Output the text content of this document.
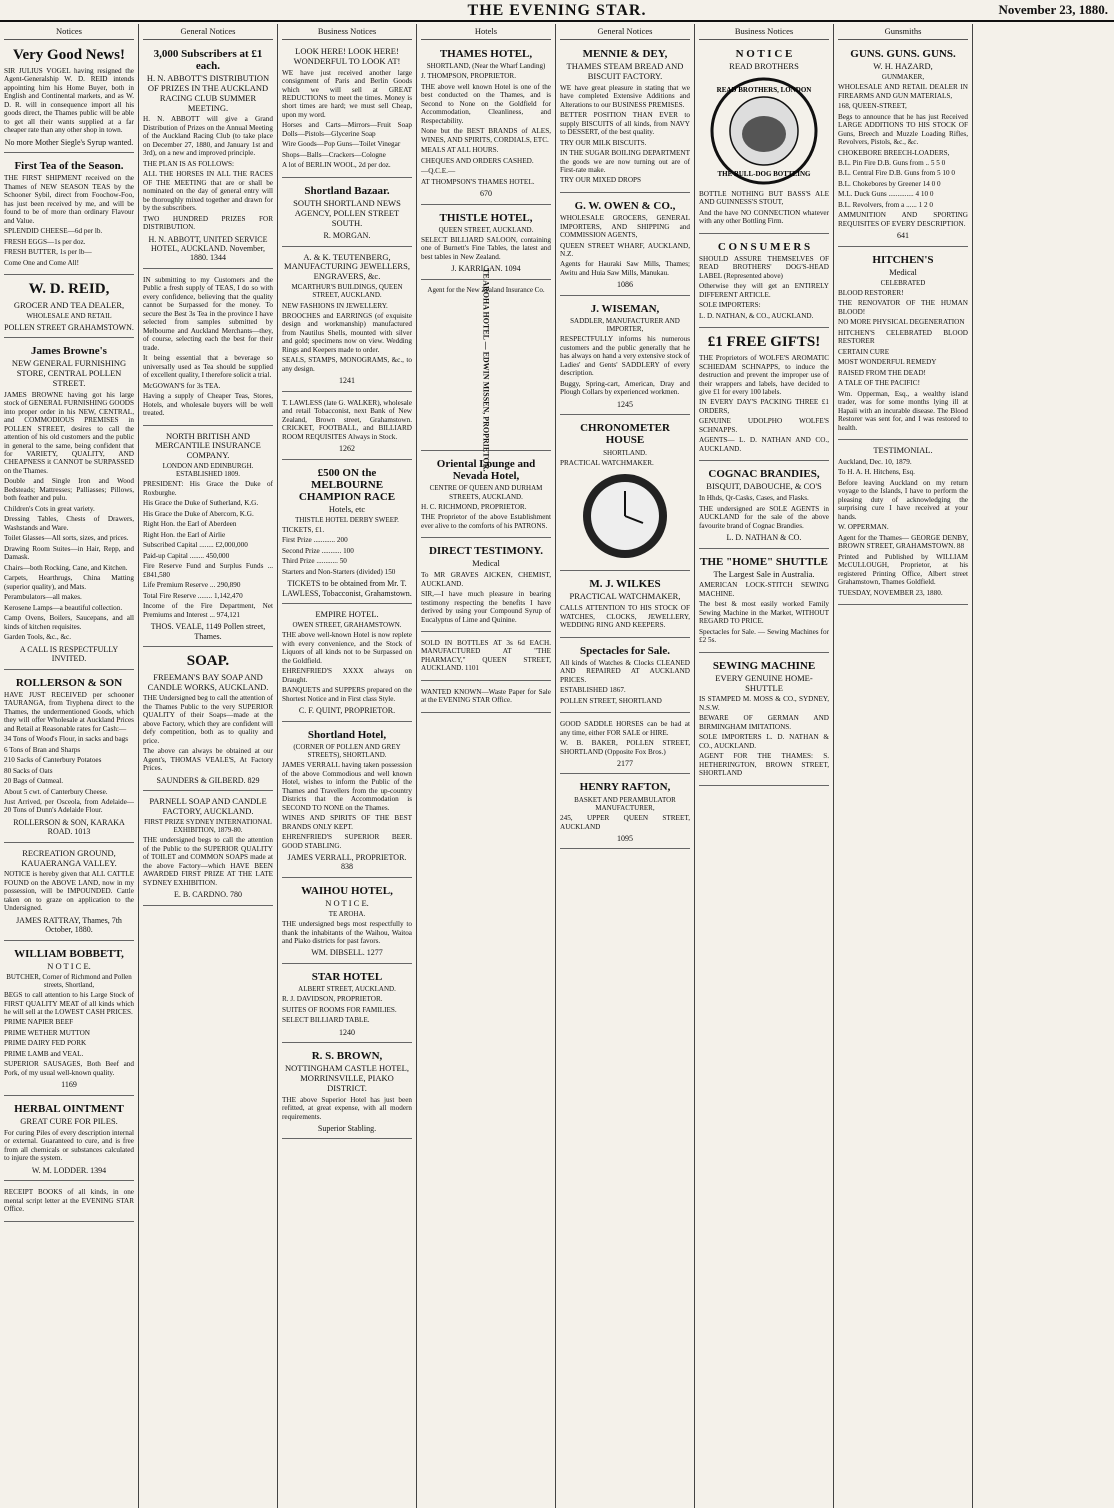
THE EVENING STAR.	November 23, 1880.
Notices
Very Good News!

SIR JULIUS VOGEL having resigned the Agent-Generalship W. D. REID intends appointing him his Home Buyer, both in English and Continental markets, and as W. D. R. will in consequence import all his goods direct, the Thames public will be able to get all their wants supplied at a far cheaper rate than any other shop in town.

No more Mother Siegle's Syrup wanted.
First Tea of the Season.

THE FIRST SHIPMENT received on the Thames of NEW SEASON TEAS by the Schooner Sybil, direct from Foochow-Foo, has just been received by me, and will be found to be of more than ordinary Flavour and Value.

SPLENDID CHEESE—6d per lb.

FRESH EGGS—1s per doz.

FRESH BUTTER, 1s per lb—

Come One and Come All!

W. D. REID,
GROCER AND TEA DEALER,
WHOLESALE AND RETAIL
POLLEN STREET GRAHAMSTOWN.
James Browne's
NEW GENERAL FURNISHING STORE, CENTRAL POLLEN STREET.

JAMES BROWNE having got his large stock of GENERAL FURNISHING GOODS into proper order in his NEW, CENTRAL, and COMMODIOUS PREMISES in POLLEN STREET, desires to call the attention of his old customers and the public in general to the same, being confident that for VARIETY, QUALITY, AND CHEAPNESS it CANNOT be SURPASSED on the Thames.

Double and Single Iron and Wood Bedsteads; Mattresses; Palliasses; Pillows, both feather and pulu.

Children's Cots in great variety.

Dressing Tables, Chests of Drawers, Washstands and Ware.

Toilet Glasses—All sorts, sizes, and prices.

Drawing Room Suites—in Hair, Repp, and Damask.

Chairs—both Rocking, Cane, and Kitchen.

Carpets, Hearthrugs, China Matting (superior quality), and Mats.

Perambulators—all makes.

Kerosene Lamps—a beautiful collection.

Camp Ovens, Boilers, Saucepans, and all kinds of kitchen requisites.

Garden Tools, &c., &c.

A CALL IS RESPECTFULLY INVITED.
ROLLERSON & SON

HAVE JUST RECEIVED per schooner TAURANGA, from Tryphena direct to the Thames, the undermentioned Goods, which they will offer Wholesale at Auckland Prices and Retail at Reasonable rates for Cash:—

34 Tons of Wood's Flour, in sacks and bags

6 Tons of Bran and Sharps

210 Sacks of Canterbury Potatoes

80 Sacks of Oats

20 Bags of Oatmeal.

About 5 cwt. of Canterbury Cheese.

Just Arrived, per Osceola, from Adelaide—20 Tons of Dunn's Adelaide Flour.

ROLLERSON & SON, KARAKA ROAD. 1013
RECREATION GROUND, KAUAERANGA VALLEY.

NOTICE is hereby given that ALL CATTLE FOUND on the ABOVE LAND, now in my possession, will be IMPOUNDED. Cattle taken on to graze on application to the Undersigned.

JAMES RATTRAY, Thames, 7th October, 1880.
WILLIAM BOBBETT,
N O T I C E.
BUTCHER, Corner of Richmond and Pollen streets, Shortland,

BEGS to call attention to his Large Stock of FIRST QUALITY MEAT of all kinds which he will sell at the LOWEST CASH PRICES.

PRIME NAPIER BEEF

PRIME WETHER MUTTON

PRIME DAIRY FED PORK

PRIME LAMB and VEAL.

SUPERIOR SAUSAGES, Both Beef and Pork, of my usual well-known quality.

1169
HERBAL OINTMENT
GREAT CURE FOR PILES.

For curing Piles of every description internal or external. Guaranteed to cure, and is free from all chemicals or substances calculated to injure the system.

W. M. LODDER. 1394

RECEIPT BOOKS of all kinds, in one mental script letter at the EVENING STAR Office.

General Notices
3,000 Subscribers at £1 each.
H. N. ABBOTT'S DISTRIBUTION OF PRIZES IN THE AUCKLAND RACING CLUB SUMMER MEETING.

H. N. ABBOTT will give a Grand Distribution of Prizes on the Annual Meeting of the Auckland Racing Club (to take place on December 27, 1880, and January 1st and 3rd), on a new and improved principle.

THE PLAN IS AS FOLLOWS:

ALL THE HORSES IN ALL THE RACES OF THE MEETING that are or shall be nominated on the day of general entry will be thoroughly mixed together and drawn for by the subscribers.

TWO HUNDRED PRIZES FOR DISTRIBUTION.

H. N. ABBOTT, UNITED SERVICE HOTEL, AUCKLAND. November, 1880. 1344

IN submitting to my Customers and the Public a fresh supply of TEAS, I do so with every confidence, believing that the quality cannot be Surpassed for the money. To secure the Best 3s Tea in the province I have selected from samples submitted by Melbourne and Auckland Merchants—they, of course, selecting each the best for their trade.

It being essential that a beverage so universally used as Tea should be supplied of excellent quality, I therefore solicit a trial.

McGOWAN'S for 3s TEA.

Having a supply of Cheaper Teas, Stores, Hotels, and wholesale buyers will be well treated.

NORTH BRITISH AND MERCANTILE INSURANCE COMPANY.
LONDON AND EDINBURGH. ESTABLISHED 1809.

PRESIDENT: His Grace the Duke of Roxburghe.

His Grace the Duke of Sutherland, K.G.

His Grace the Duke of Abercorn, K.G.

Right Hon. the Earl of Aberdeen

Right Hon. the Earl of Airlie

Subscribed Capital ........ £2,000,000

Paid-up Capital ........ 450,000

Fire Reserve Fund and Surplus Funds ... £841,580

Life Premium Reserve ... 290,890

Total Fire Reserve ........ 1,142,470

Income of the Fire Department, Net Premiums and Interest ... 974,121

THOS. VEALE, 1149 Pollen street, Thames.
SOAP.
FREEMAN'S BAY SOAP AND CANDLE WORKS, AUCKLAND.

THE Undersigned beg to call the attention of the Thames Public to the very SUPERIOR QUALITY of their Soaps—made at the above Factory, which they are confident will defy competition, both as to quality and price.

The above can always be obtained at our Agent's, THOMAS VEALE'S, At Factory Prices.

SAUNDERS & GILBERD. 829
PARNELL SOAP AND CANDLE FACTORY, AUCKLAND.
FIRST PRIZE SYDNEY INTERNATIONAL EXHIBITION, 1879-80.

THE undersigned begs to call the attention of the Public to the SUPERIOR QUALITY of TOILET and COMMON SOAPS made at the above Factory—which HAVE BEEN AWARDED FIRST PRIZE AT THE LATE SYDNEY EXHIBITION.

E. B. CARDNO. 780
Business Notices
LOOK HERE! LOOK HERE! WONDERFUL TO LOOK AT!

WE have just received another large consignment of Paris and Berlin Goods which we will sell at GREAT REDUCTIONS to meet the times. Money is short times are hard; we must sell Cheap, upon my word.

Horses and Carts—Mirrors—Fruit Soap Dolls—Pistols—Glycerine Soap

Wire Goods—Pop Guns—Toilet Vinegar

Shops—Balls—Crackers—Cologne

A lot of BERLIN WOOL, 2d per doz.

Shortland Bazaar.
SOUTH SHORTLAND NEWS AGENCY, POLLEN STREET SOUTH.
R. MORGAN.
A. & K. TEUTENBERG, MANUFACTURING JEWELLERS, ENGRAVERS, &c.
MCARTHUR'S BUILDINGS, QUEEN STREET, AUCKLAND.

NEW FASHIONS IN JEWELLERY.

BROOCHES and EARRINGS (of exquisite design and workmanship) manufactured from Nautilus Shells, mounted with silver and gold; specimens now on view. Wedding Rings and Keepers made to order.

SEALS, STAMPS, MONOGRAMS, &c., to any design.

1241

T. LAWLESS (late G. WALKER), wholesale and retail Tobacconist, next Bank of New Zealand, Brown street, Grahamstown. CRICKET, FOOTBALL, and BILLIARD ROOM REQUISITES Always in Stock.

1262
£500 ON the MELBOURNE CHAMPION RACE
Hotels, etc
THISTLE HOTEL DERBY SWEEP.

TICKETS, £1.

First Prize ............ 200

Second Prize ........... 100

Third Prize ............ 50

Starters and Non-Starters (divided) 150

TICKETS to be obtained from Mr. T. LAWLESS, Tobacconist, Grahamstown.
EMPIRE HOTEL.
OWEN STREET, GRAHAMSTOWN.

THE above well-known Hotel is now replete with every convenience, and the Stock of Liquors of all kinds not to be Surpassed on the Goldfield.

EHRENFRIED'S XXXX always on Draught.

BANQUETS and SUPPERS prepared on the Shortest Notice and in First class Style.

C. F. QUINT, PROPRIETOR.
Shortland Hotel,
(CORNER OF POLLEN AND GREY STREETS), SHORTLAND.

JAMES VERRALL having taken possession of the above Commodious and well known Hotel, wishes to inform the Public of the Thames and Travellers from the up-country Districts that the Accommodation is SECOND TO NONE on the Thames.

WINES AND SPIRITS OF THE BEST BRANDS ONLY KEPT.

EHRENFRIED'S SUPERIOR BEER. GOOD STABLING.

JAMES VERRALL, PROPRIETOR. 838
WAIHOU HOTEL,
N O T I C E.
TE AROHA.

THE undersigned begs most respectfully to thank the inhabitants of the Waihou, Waitoa and Piako districts for past favors.

WM. DIBSELL. 1277
STAR HOTEL
ALBERT STREET, AUCKLAND.

R. J. DAVIDSON, PROPRIETOR.

SUITES OF ROOMS FOR FAMILIES.

SELECT BILLIARD TABLE.

1240
R. S. BROWN,
NOTTINGHAM CASTLE HOTEL, MORRINSVILLE, PIAKO DISTRICT.

THE above Superior Hotel has just been refitted, at great expense, with all modern requirements.

Superior Stabling.
Hotels
THAMES HOTEL,
SHORTLAND, (Near the Wharf Landing)

J. THOMPSON, PROPRIETOR.

THE above well known Hotel is one of the best conducted on the Thames, and is Second to None on the Goldfield for Accommodation, Cleanliness, and Respectability.

None but the BEST BRANDS of ALES, WINES, AND SPIRITS, CORDIALS, ETC.

MEALS AT ALL HOURS.

CHEQUES AND ORDERS CASHED.

—Q.C.E.—

AT THOMPSON'S THAMES HOTEL.

670
THISTLE HOTEL,
QUEEN STREET, AUCKLAND.

SELECT BILLIARD SALOON, containing one of Burnett's Fine Tables, the latest and best tables in New Zealand.

J. KARRIGAN. 1094
Agent for the New Zealand Insurance Co.
TE AROHA HOTEL — EDWIN MISSEN, PROPRIETOR.
Oriental Lounge and Nevada Hotel,
CENTRE OF QUEEN AND DURHAM STREETS, AUCKLAND.

H. C. RICHMOND, PROPRIETOR.

THE Proprietor of the above Establishment ever alive to the comforts of his PATRONS.

DIRECT TESTIMONY.
Medical

To MR GRAVES AICKEN, CHEMIST, AUCKLAND.

SIR,—I have much pleasure in bearing testimony respecting the benefits I have derived by using your Compound Syrup of Eucalyptus of Lime and Quinine.

SOLD IN BOTTLES AT 3s 6d EACH. MANUFACTURED AT "THE PHARMACY," QUEEN STREET, AUCKLAND. 1101

WANTED KNOWN—Waste Paper for Sale at the EVENING STAR Office.

General Notices
MENNIE & DEY,
THAMES STEAM BREAD AND BISCUIT FACTORY.

WE have great pleasure in stating that we have completed Extensive Additions and Alterations to our BUSINESS PREMISES.

BETTER POSITION THAN EVER to supply BISCUITS of all kinds, from NAVY to DESSERT, of the best quality.

TRY OUR MILK BISCUITS.

IN THE SUGAR BOILING DEPARTMENT the goods we are now turning out are of First-rate make.

TRY OUR MIXED DROPS

G. W. OWEN & CO.,

WHOLESALE GROCERS, GENERAL IMPORTERS, AND SHIPPING and COMMISSION AGENTS,

QUEEN STREET WHARF, AUCKLAND, N.Z.

Agents for Hauraki Saw Mills, Thames; Awitu and Huia Saw Mills, Manukau.

1086
J. WISEMAN,
SADDLER, MANUFACTURER AND IMPORTER,

RESPECTFULLY informs his numerous customers and the public generally that he has always on hand a very extensive stock of Ladies' and Gents' SADDLERY of every description.

Buggy, Spring-cart, American, Dray and Plough Collars by experienced workmen.

1245
CHRONOMETER HOUSE
SHORTLAND.

PRACTICAL WATCHMAKER.

M. J. WILKES
PRACTICAL WATCHMAKER,

CALLS ATTENTION TO HIS STOCK OF WATCHES, CLOCKS, JEWELLERY, WEDDING RING AND KEEPERS.

Spectacles for Sale.

All kinds of Watches & Clocks CLEANED AND REPAIRED AT AUCKLAND PRICES.

ESTABLISHED 1867.

POLLEN STREET, SHORTLAND

GOOD SADDLE HORSES can be had at any time, either FOR SALE or HIRE.

W. B. BAKER, POLLEN STREET, SHORTLAND (Opposite Fox Bros.)

2177
HENRY RAFTON,
BASKET AND PERAMBULATOR MANUFACTURER,

245, UPPER QUEEN STREET, AUCKLAND

1095
Business Notices
N O T I C E
READ BROTHERS
READ BROTHERS, LONDON
THE BULL-DOG BOTTLING

BOTTLE NOTHING BUT BASS'S ALE AND GUINNESS'S STOUT,

And the have NO CONNECTION whatever with any other Bottling Firm.

C O N S U M E R S

SHOULD ASSURE THEMSELVES OF READ BROTHERS' DOG'S-HEAD LABEL (Represented above)

Otherwise they will get an ENTIRELY DIFFERENT ARTICLE.

SOLE IMPORTERS:

L. D. NATHAN, & CO., AUCKLAND.

£1 FREE GIFTS!

THE Proprietors of WOLFE'S AROMATIC SCHIEDAM SCHNAPPS, to induce the destruction and prevent the improper use of their wrappers and labels, have decided to give £1 for every 100 labels.

IN EVERY DAY'S PACKING THREE £1 ORDERS,

GENUINE UDOLPHO WOLFE'S SCHNAPPS.

AGENTS— L. D. NATHAN AND CO., AUCKLAND.

COGNAC BRANDIES,
BISQUIT, DABOUCHE, & CO'S

In Hhds, Qr-Casks, Cases, and Flasks.

THE undersigned are SOLE AGENTS in AUCKLAND for the sale of the above favourite brand of Cognac Brandies.

L. D. NATHAN & CO.
THE "HOME" SHUTTLE
The Largest Sale in Australia.

AMERICAN LOCK-STITCH SEWING MACHINE.

The best & most easily worked Family Sewing Machine in the Market, WITHOUT REGARD TO PRICE.

Spectacles for Sale. — Sewing Machines for £2 5s.

SEWING MACHINE
EVERY GENUINE HOME-SHUTTLE

IS STAMPED M. MOSS & CO., SYDNEY, N.S.W.

BEWARE OF GERMAN AND BIRMINGHAM IMITATIONS.

SOLE IMPORTERS L. D. NATHAN & CO., AUCKLAND.

AGENT FOR THE THAMES: S. HETHERINGTON, BROWN STREET, SHORTLAND

Gunsmiths
GUNS. GUNS. GUNS.
W. H. HAZARD,
GUNMAKER,

WHOLESALE AND RETAIL DEALER IN FIREARMS AND GUN MATERIALS,

168, QUEEN-STREET,

Begs to announce that he has just Received LARGE ADDITIONS TO HIS STOCK OF Guns, Breech and Muzzle Loading Rifles, Revolvers, Pistols, &c., &c.

CHOKEBORE BREECH-LOADERS,

B.L. Pin Fire D.B. Guns from .. 5 5 0

B.L. Central Fire D.B. Guns from 5 10 0

B.L. Chokebores by Greener 14 0 0

M.L. Duck Guns .............. 4 10 0

B.L. Revolvers, from a ...... 1 2 0

AMMUNITION AND SPORTING REQUISITES OF EVERY DESCRIPTION.

641
HITCHEN'S
Medical
CELEBRATED

BLOOD RESTORER!

THE RENOVATOR OF THE HUMAN BLOOD!

NO MORE PHYSICAL DEGENERATION

HITCHEN'S CELEBRATED BLOOD RESTORER

CERTAIN CURE

MOST WONDERFUL REMEDY

RAISED FROM THE DEAD!

A TALE OF THE PACIFIC!

Wm. Opperman, Esq., a wealthy island trader, was for some months lying ill at Hapaii with an incurable disease. The Blood Restorer was sent for, and I was restored to health.

TESTIMONIAL.

Auckland, Dec. 10, 1879.

To H. A. H. Hitchens, Esq.

Before leaving Auckland on my return voyage to the Islands, I have to perform the pleasing duty of acknowledging the surprising cure I have received at your hands.

W. OPPERMAN.

Agent for the Thames— GEORGE DENBY, BROWN STREET, GRAHAMSTOWN. 88

Printed and Published by WILLIAM McCULLOUGH, Proprietor, at his registered Printing Office, Albert street Grahamstown, Thames Goldfield.

TUESDAY, NOVEMBER 23, 1880.
